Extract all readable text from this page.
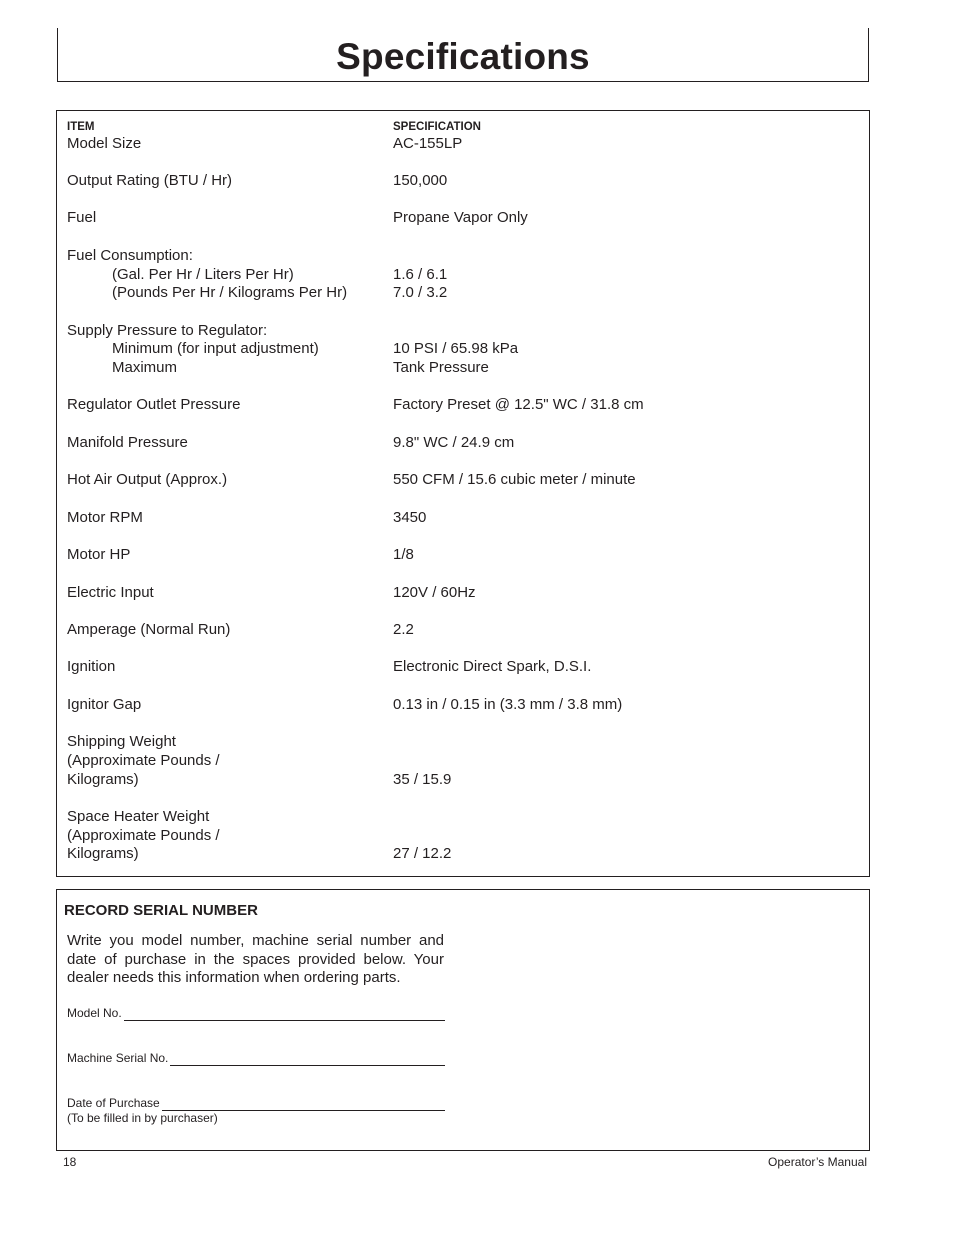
Specifications
ITEM	SPECIFICATION
Model Size	AC-155LP
Output Rating (BTU / Hr)	150,000
Fuel	Propane Vapor Only
Fuel Consumption:
(Gal. Per Hr / Liters Per Hr)	1.6 / 6.1
(Pounds Per Hr / Kilograms Per Hr)	7.0 / 3.2
Supply Pressure to Regulator:
Minimum (for input adjustment)	10 PSI / 65.98 kPa
Maximum	Tank Pressure
Regulator Outlet Pressure	Factory Preset @ 12.5" WC / 31.8 cm
Manifold Pressure	9.8" WC / 24.9 cm
Hot Air Output (Approx.)	550 CFM / 15.6 cubic meter / minute
Motor RPM	3450
Motor HP	1/8
Electric Input	120V / 60Hz
Amperage (Normal Run)	2.2
Ignition	Electronic Direct Spark, D.S.I.
Ignitor Gap	0.13 in / 0.15 in (3.3 mm / 3.8 mm)
Shipping Weight
(Approximate Pounds /
Kilograms)	35 / 15.9
Space Heater Weight
(Approximate Pounds /
Kilograms)	27 / 12.2
RECORD SERIAL NUMBER
Write you model number, machine serial number and date of purchase in the spaces provided below. Your dealer needs this information when ordering parts.
Model No.
Machine Serial No.
Date of Purchase
(To be filled in by purchaser)
18	Operator’s Manual
